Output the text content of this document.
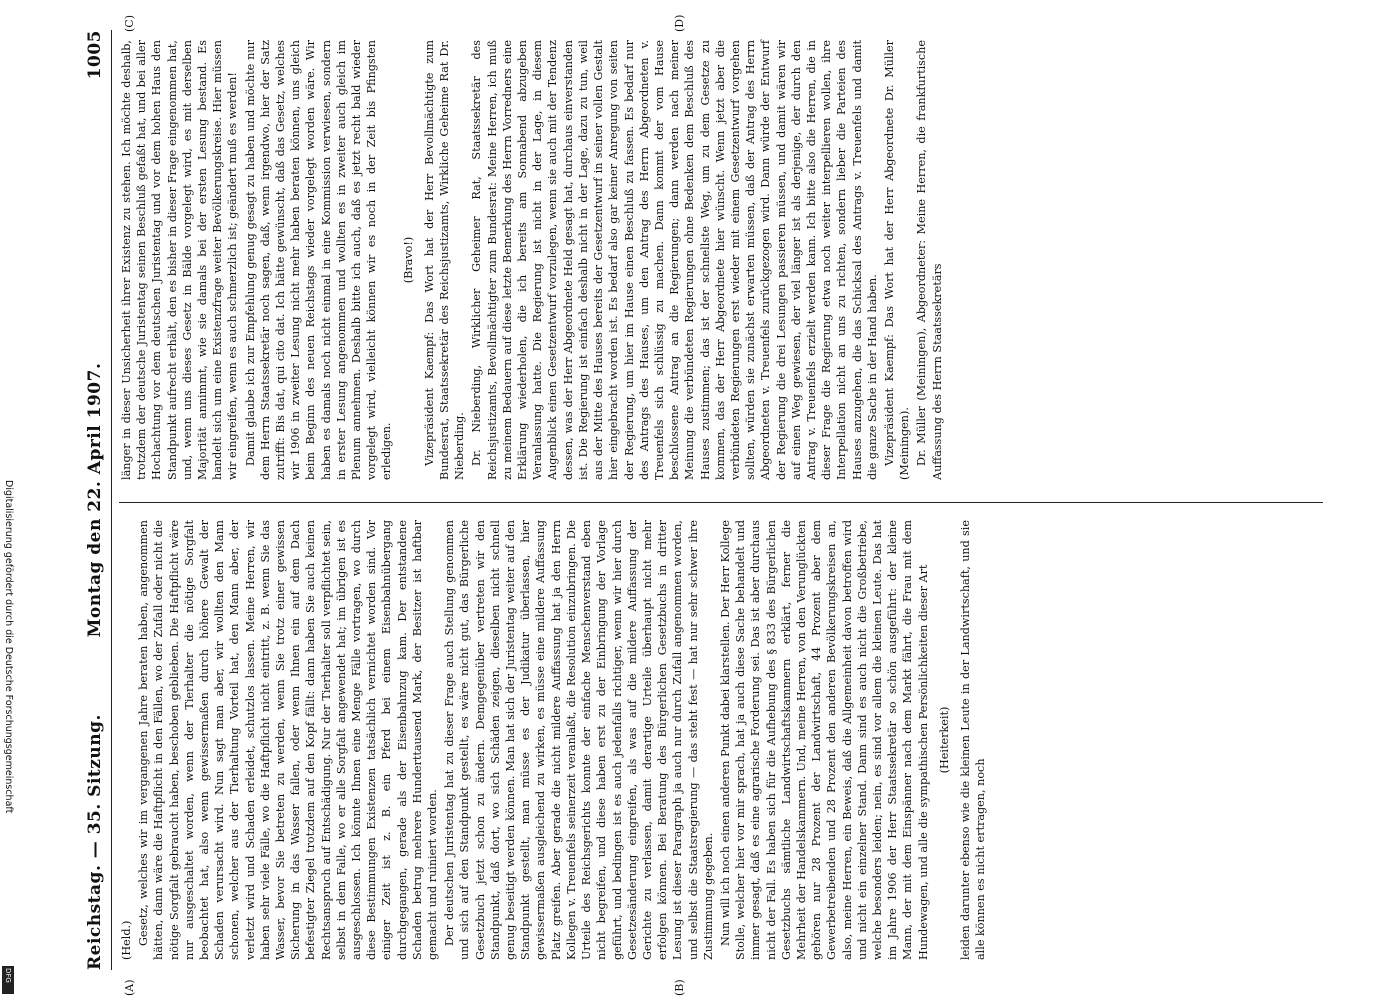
Digitalisierung gefördert durch die Deutsche Forschungsgemeinschaft
DFG
Reichstag. — 35. Sitzung.
Montag den 22. April 1907.
1005
(A)	(B)
(C)	(D)

(Held.) Gesetz, welches wir im vergangenen Jahre beraten haben, angenommen hätten, dann wäre die Haftpflicht in den Fällen, wo der Zufall oder nicht die nötige Sorgfalt gebraucht haben, beschoben geblieben. Die Haftpflicht wäre nur ausgeschaltet worden, wenn der Tierhalter die nötige Sorgfalt beobachtet hat, also wenn gewissermaßen durch höhere Gewalt der Schaden verursacht wird. Nun sagt man aber, wir wollten den Mann schonen, welcher aus der Tierhaltung Vorteil hat, den Mann aber, der verletzt wird und Schaden erleidet, schutzlos lassen. Meine Herren, wir haben sehr viele Fälle, wo die Haftpflicht nicht eintritt, z. B. wenn Sie das Wasser, bevor Sie betreten zu werden, wenn Sie trotz einer gewissen Sicherung in das Wasser fallen, oder wenn Ihnen ein auf dem Dach befestigter Ziegel trotzdem auf den Kopf fällt: dann haben Sie auch keinen Rechtsanspruch auf Entschädigung. Nur der Tierhalter soll verpflichtet sein, selbst in dem Falle, wo er alle Sorgfalt angewendet hat; im übrigen ist es ausgeschlossen. Ich könnte Ihnen eine Menge Fälle vortragen, wo durch diese Bestimmungen Existenzen tatsächlich vernichtet worden sind. Vor einiger Zeit ist z. B. ein Pferd bei einem Eisenbahnübergang durchgegangen, gerade als der Eisenbahnzug kam. Der entstandene Schaden betrug mehrere Hunderttausend Mark, der Besitzer ist haftbar gemacht und ruiniert worden. Der deutschen Juristentag hat zu dieser Frage auch Stellung genommen und sich auf den Standpunkt gestellt, es wäre nicht gut, das Bürgerliche Gesetzbuch jetzt schon zu ändern. Demgegenüber vertreten wir den Standpunkt, daß dort, wo sich Schäden zeigen, dieselben nicht schnell genug beseitigt werden können. Man hat sich der Juristentag weiter auf den Standpunkt gestellt, man müsse es der Judikatur überlassen, hier gewissermaßen ausgleichend zu wirken, es müsse eine mildere Auffassung Platz greifen. Aber gerade die nicht mildere Auffassung hat ja den Herrn Kollegen v. Treuenfels seinerzeit veranlaßt, die Resolution einzubringen. Die Urteile des Reichsgerichts konnte der einfache Menschenverstand eben nicht begreifen, und diese haben erst zu der Einbringung der Vorlage geführt, und bedingen ist es auch jedenfalls richtiger, wenn wir hier durch Gesetzesänderung eingreifen, als was auf die mildere Auffassung der Gerichte zu verlassen, damit derartige Urteile überhaupt nicht mehr erfolgen können. Bei Beratung des Bürgerlichen Gesetzbuchs in dritter Lesung ist dieser Paragraph ja auch nur durch Zufall angenommen worden, und selbst die Staatsregierung — das steht fest — hat nur sehr schwer ihre Zustimmung gegeben. Nun will ich noch einen anderen Punkt dabei klarstellen. Der Herr Kollege Stolle, welcher hier vor mir sprach, hat ja auch diese Sache behandelt und immer gesagt, daß es eine agrarische Forderung sei. Das ist aber durchaus nicht der Fall. Es haben sich für die Aufhebung des § 833 des Bürgerlichen Gesetzbuchs sämtliche Landwirtschaftskammern erklärt, ferner die Mehrheit der Handelskammern. Und, meine Herren, von den Verunglückten gehören nur 28 Prozent der Landwirtschaft, 44 Prozent aber dem Gewerbetreibenden und 28 Prozent den anderen Bevölkerungskreisen an, also, meine Herren, ein Beweis, daß die Allgemeinheit davon betroffen wird und nicht ein einzelner Stand. Dann sind es auch nicht die Großbetriebe, welche besonders leiden; nein, es sind vor allem die kleinen Leute. Das hat im Jahre 1906 der Herr Staatssekretär so schön ausgeführt: der kleine Mann, der mit dem Einspänner nach dem Markt fährt, die Frau mit dem Hundewagen, und alle die sympathischen Persönlichkeiten dieser Art (Heiterkeit) leiden darunter ebenso wie die kleinen Leute in der Landwirtschaft, und sie alle können es nicht ertragen, noch

länger in dieser Unsicherheit ihrer Existenz zu stehen. Ich möchte deshalb, trotzdem der deutsche Juristentag seinen Beschluß gefaßt hat, und bei aller Hochachtung vor dem deutschen Juristentag und vor dem hohen Haus den Standpunkt aufrecht erhält, den es bisher in dieser Frage eingenommen hat, und, wenn uns dieses Gesetz in Bälde vorgelegt wird, es mit derselben Majorität annimmt, wie sie damals bei der ersten Lesung bestand. Es handelt sich um eine Existenzfrage weiter Bevölkerungskreise. Hier müssen wir eingreifen, wenn es auch schmerzlich ist; geändert muß es werden! Damit glaube ich zur Empfehlung genug gesagt zu haben und möchte nur dem Herrn Staatssekretär noch sagen, daß, wenn irgendwo, hier der Satz zutrifft: Bis dat, qui cito dat. Ich hätte gewünscht, daß das Gesetz, welches wir 1906 in zweiter Lesung nicht mehr haben beraten können, uns gleich beim Beginn des neuen Reichstags wieder vorgelegt worden wäre. Wir haben es damals noch nicht einmal in eine Kommission verwiesen, sondern in erster Lesung angenommen und wollten es in zweiter auch gleich im Plenum annehmen. Deshalb bitte ich auch, daß es jetzt recht bald wieder vorgelegt wird, vielleicht können wir es noch in der Zeit bis Pfingsten erledigen.

(Bravo!) Vizepräsident Kaempf: Das Wort hat der Herr Bevollmächtigte zum Bundesrat, Staatssekretär des Reichsjustizamts, Wirkliche Geheime Rat Dr. Nieberding. Dr. Nieberding, Wirklicher Geheimer Rat, Staatssekretär des Reichsjustizamts, Bevollmächtigter zum Bundesrat: Meine Herren, ich muß zu meinem Bedauern auf diese letzte Bemerkung des Herrn Vorredners eine Erklärung wiederholen, die ich bereits am Sonnabend abzugeben Veranlassung hatte. Die Regierung ist nicht in der Lage, in diesem Augenblick einen Gesetzentwurf vorzulegen, wenn sie auch mit der Tendenz dessen, was der Herr Abgeordnete Held gesagt hat, durchaus einverstanden ist. Die Regierung ist einfach deshalb nicht in der Lage, dazu zu tun, weil aus der Mitte des Hauses bereits der Gesetzentwurf in seiner vollen Gestalt hier eingebracht worden ist. Es bedarf also gar keiner Anregung von seiten der Regierung, um hier im Hause einen Beschluß zu fassen. Es bedarf nur des Antrags des Hauses, um den Antrag des Herrn Abgeordneten v. Treuenfels sich schlüssig zu machen. Dann kommt der vom Hause beschlossene Antrag an die Regierungen; dann werden nach meiner Meinung die verbündeten Regierungen ohne Bedenken dem Beschluß des Hauses zustimmen; das ist der schnellste Weg, um zu dem Gesetze zu kommen, das der Herr Abgeordnete hier wünscht. Wenn jetzt aber die verbündeten Regierungen erst wieder mit einem Gesetzentwurf vorgehen sollten, würden sie zunächst erwarten müssen, daß der Antrag des Herrn Abgeordneten v. Treuenfels zurückgezogen wird. Dann würde der Entwurf der Regierung die drei Lesungen passieren müssen, und damit wären wir auf einen Weg gewiesen, der viel länger ist als derjenige, der durch den Antrag v. Treuenfels erzielt werden kann. Ich bitte also die Herren, die in dieser Frage die Regierung etwa noch weiter interpellieren wollen, ihre Interpellation nicht an uns zu richten, sondern lieber die Parteien des Hauses anzugehen, die das Schicksal des Antrags v. Treuenfels und damit die ganze Sache in der Hand haben. Vizepräsident Kaempf: Das Wort hat der Herr Abgeordnete Dr. Müller (Meiningen). Dr. Müller (Meiningen), Abgeordneter: Meine Herren, die frankfurtische Auffassung des Herrn Staatssekretärs
